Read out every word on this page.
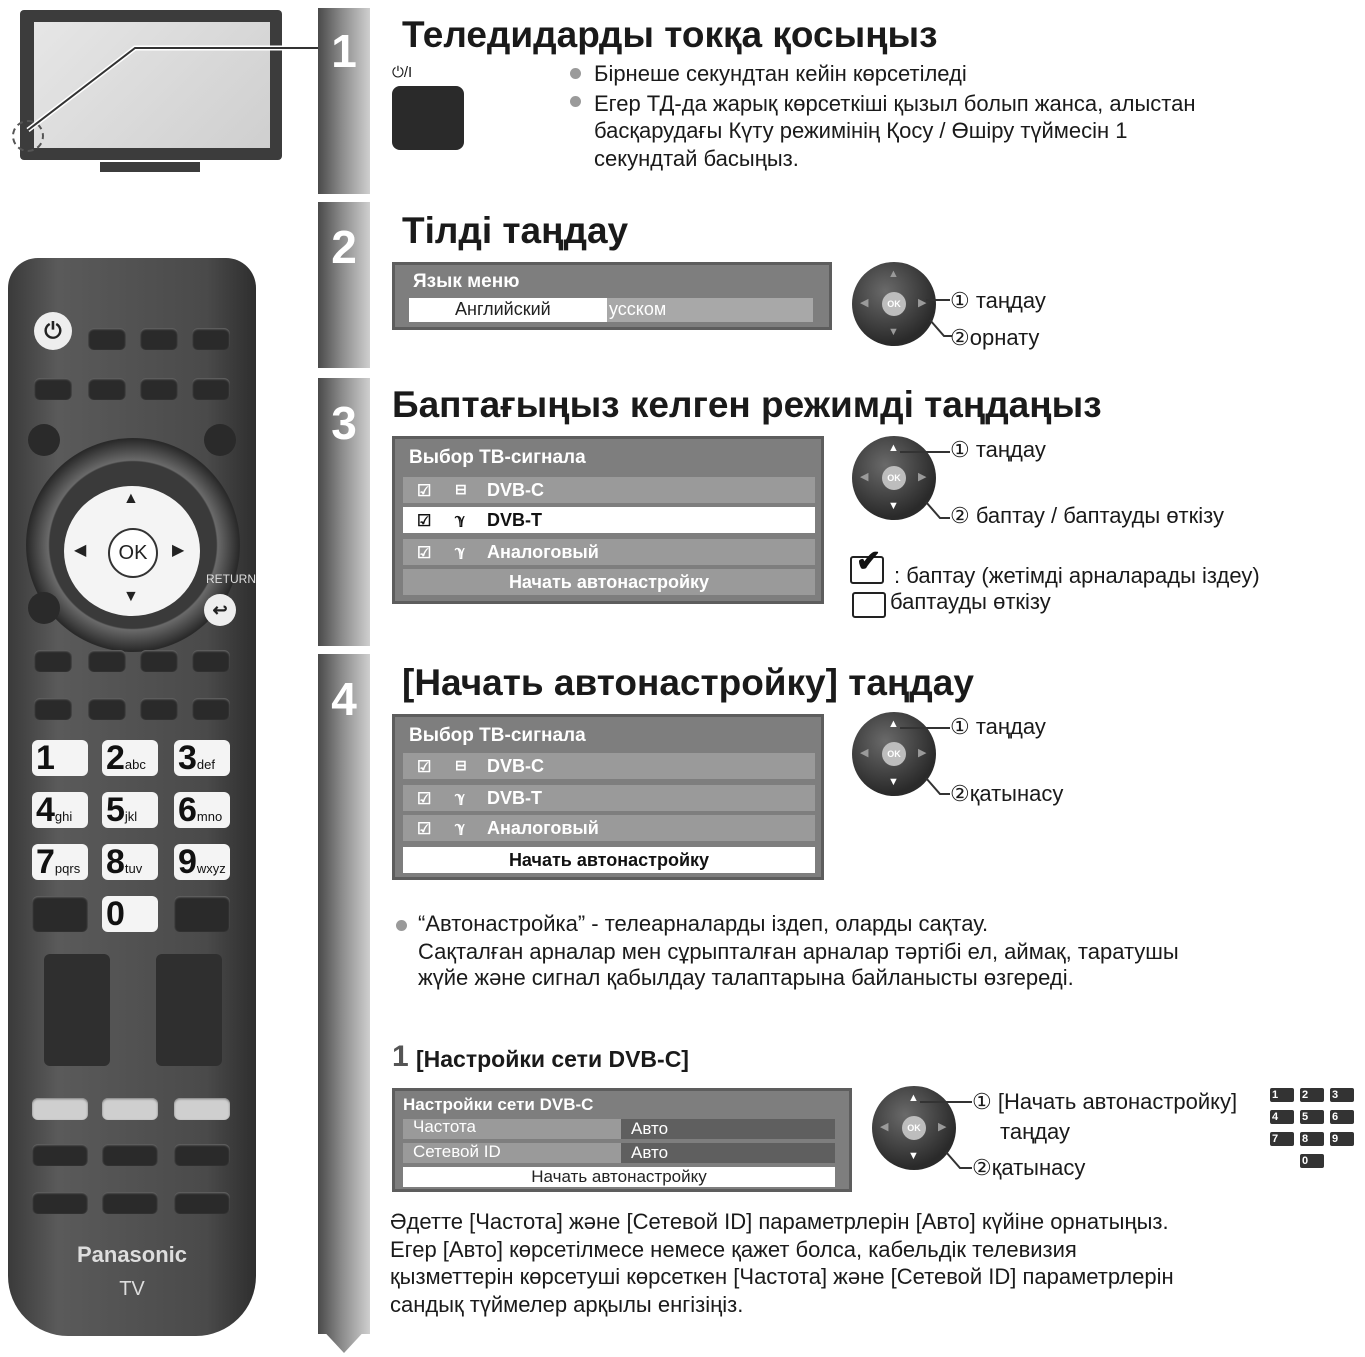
1
2
3
4
Теледидарды токқа қосыңыз
⏻/I	Бірнеше секундтан кейін көрсетіледі
Егер ТД-да жарық көрсеткіші қызыл болып жанса, алыстан
басқарудағы Күту режимінің Қосу / Өшіру түймесін 1
секундтай басыңыз.
Тілді таңдау
Язык меню
Английский	усском	OK
▲
▼
◀	▶ ① таңдау
②орнату
Баптағыңыз келген режимді таңдаңыз
Выбор ТВ-сигнала
☑ ⊟ DVB-C
☑ ℽ DVB-T
☑ ℽ Аналоговый
Начать автонастройку
OK
▲
▼
◀	▶
① таңдау
② баптау / баптауды өткізу
✔ : баптау (жетімді арналарады іздеу)
баптауды өткізу
[Начать автонастройку] таңдау
Выбор ТВ-сигнала
☑ ⊟ DVB-C
☑ ℽ DVB-T
☑ ℽ Аналоговый
Начать автонастройку
OK
▲
▼
◀	▶
① таңдау
②қатынасу
“Автонастройка” - телеарналарды іздеп, оларды сақтау.
Сақталған арналар мен сұрыпталған арналар тәртібі ел, аймақ, таратушы
жүйе және сигнал қабылдау талаптарына байланысты өзгереді.
1 [Настройки сети DVB-C]
Настройки сети DVB-C
Частота	Авто
Сетевой ID	Авто
Начать автонастройку
OK
▲
▼
◀	▶
① [Начать автонастройку]
таңдау
②қатынасу
1	2	3
4	5	6
7	8	9
0
Әдетте [Частота] және [Сетевой ID] параметрлерін [Авто] күйіне орнатыңыз.
Егер [Авто] көрсетілмесе немесе қажет болса, кабельдік телевизия
қызметтерін көрсетуші көрсеткен [Частота] және [Сетевой ID] параметрлерін
сандық түймелер арқылы енгізіңіз.
⏻
OK
▲
▼
◀	▶
RETURN
↩
1	2abc 3def
4ghi 5jkl	6mno
7pqrs 8tuv	9wxyz
0
Panasonic
TV
